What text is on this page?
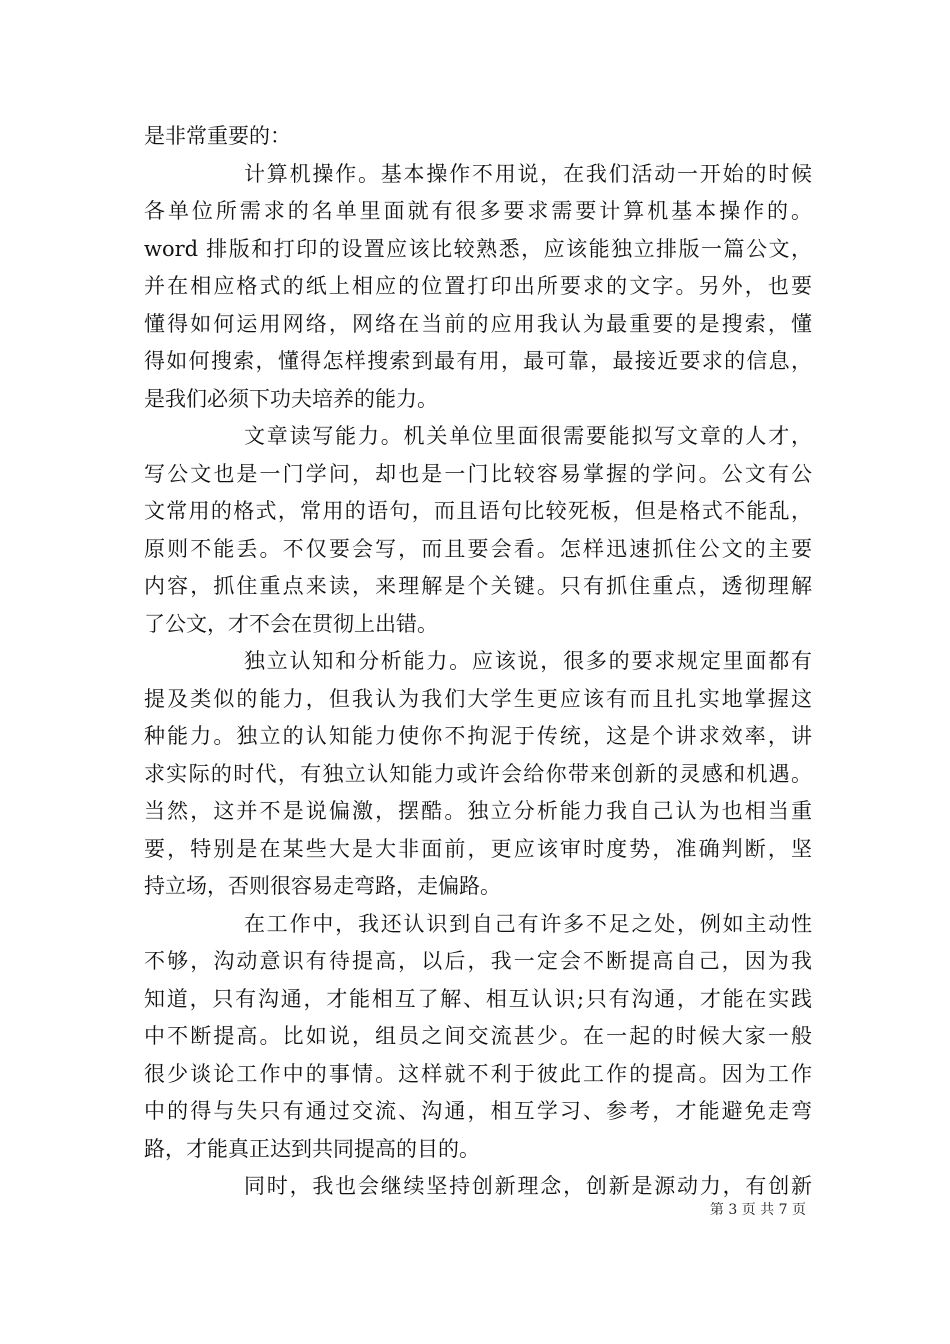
是非常重要的：
计算机操作。基本操作不用说，在我们活动一开始的时候
各单位所需求的名单里面就有很多要求需要计算机基本操作的。
word 排版和打印的设置应该比较熟悉，应该能独立排版一篇公文，
并在相应格式的纸上相应的位置打印出所要求的文字。另外，也要
懂得如何运用网络，网络在当前的应用我认为最重要的是搜索，懂
得如何搜索，懂得怎样搜索到最有用，最可靠，最接近要求的信息，
是我们必须下功夫培养的能力。
文章读写能力。机关单位里面很需要能拟写文章的人才，
写公文也是一门学问，却也是一门比较容易掌握的学问。公文有公
文常用的格式，常用的语句，而且语句比较死板，但是格式不能乱，
原则不能丢。不仅要会写，而且要会看。怎样迅速抓住公文的主要
内容，抓住重点来读，来理解是个关键。只有抓住重点，透彻理解
了公文，才不会在贯彻上出错。
独立认知和分析能力。应该说，很多的要求规定里面都有
提及类似的能力，但我认为我们大学生更应该有而且扎实地掌握这
种能力。独立的认知能力使你不拘泥于传统，这是个讲求效率，讲
求实际的时代，有独立认知能力或许会给你带来创新的灵感和机遇。
当然，这并不是说偏激，摆酷。独立分析能力我自己认为也相当重
要，特别是在某些大是大非面前，更应该审时度势，准确判断，坚
持立场，否则很容易走弯路，走偏路。
在工作中，我还认识到自己有许多不足之处，例如主动性
不够，沟动意识有待提高，以后，我一定会不断提高自己，因为我
知道，只有沟通，才能相互了解、相互认识;只有沟通，才能在实践
中不断提高。比如说，组员之间交流甚少。在一起的时候大家一般
很少谈论工作中的事情。这样就不利于彼此工作的提高。因为工作
中的得与失只有通过交流、沟通，相互学习、参考，才能避免走弯
路，才能真正达到共同提高的目的。
同时，我也会继续坚持创新理念，创新是源动力，有创新
第 3 页 共 7 页
